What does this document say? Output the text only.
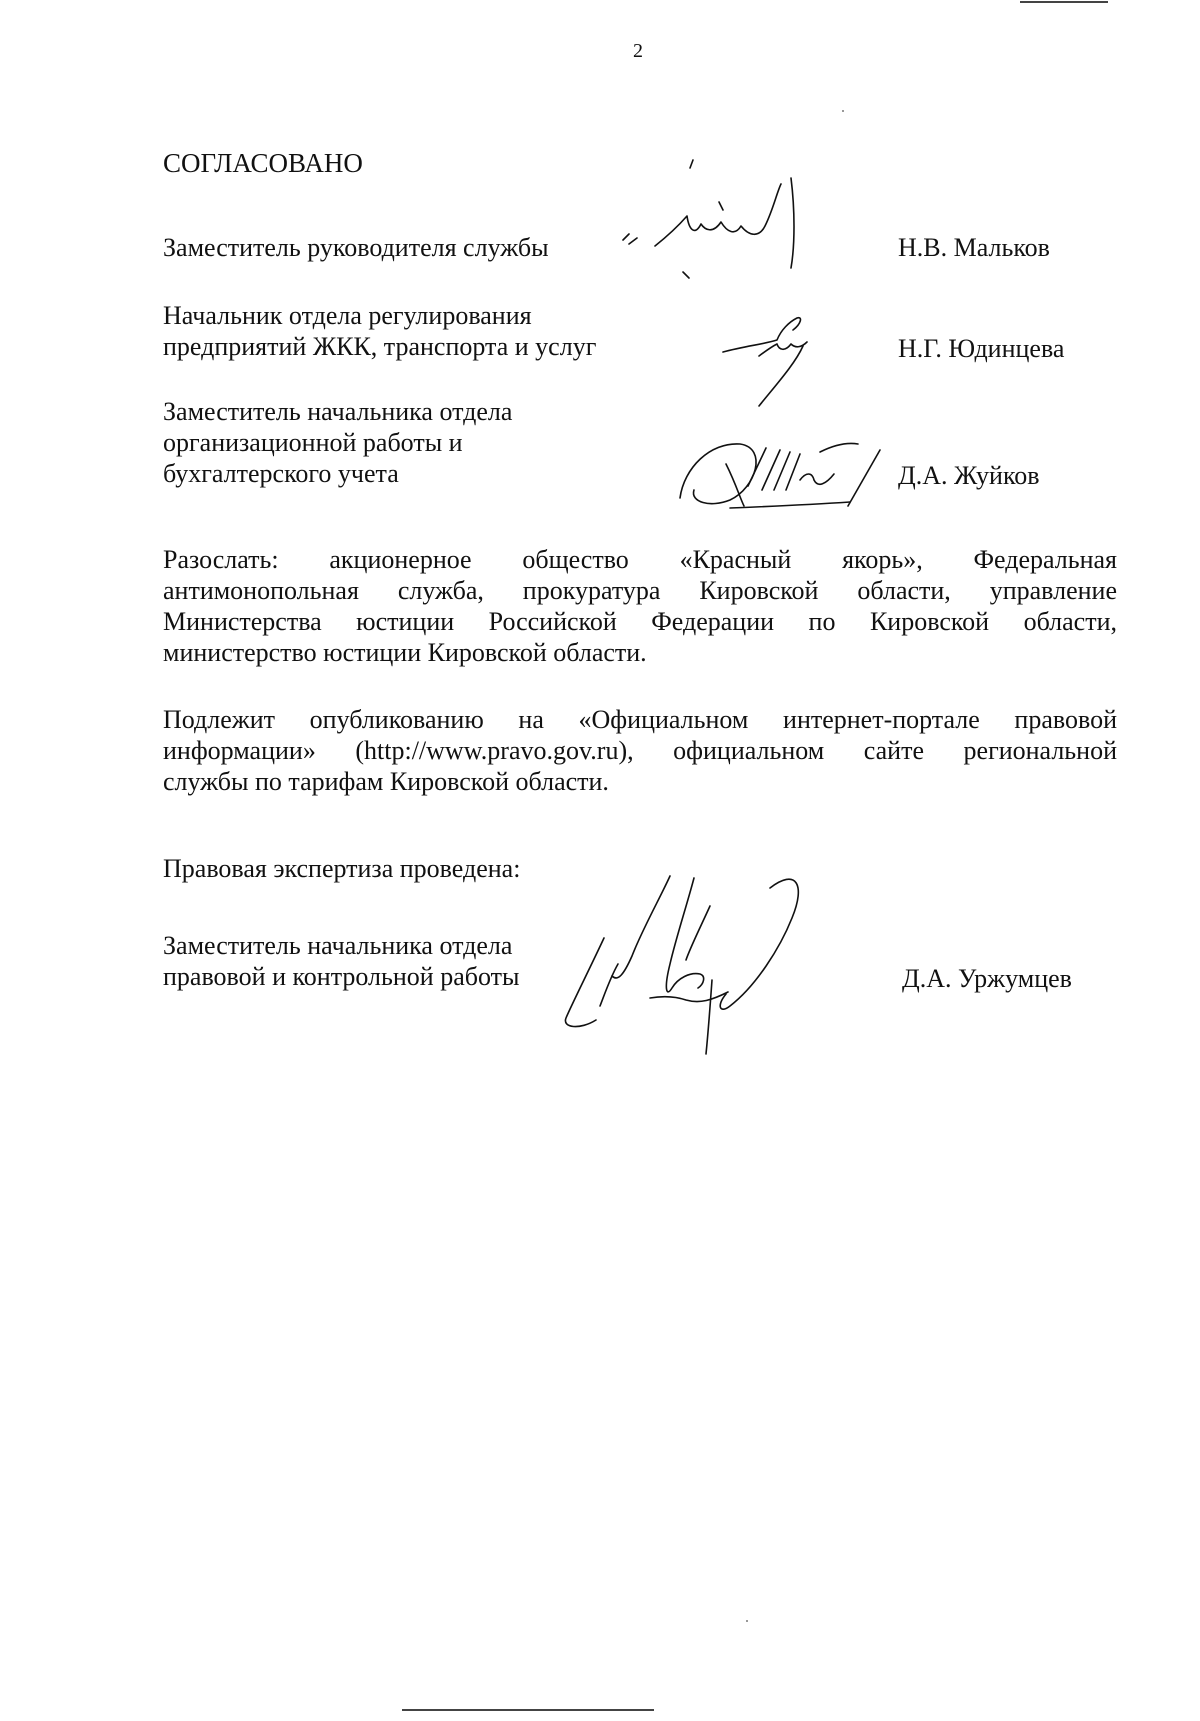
2
СОГЛАСОВАНО
Заместитель руководителя службы	Н.В. Мальков
Начальник отдела регулирования
предприятий ЖКК, транспорта и услуг	Н.Г. Юдинцева
Заместитель начальника отдела
организационной работы и
бухгалтерского учета	Д.А. Жуйков
Разослать: акционерное общество «Красный якорь», Федеральная
антимонопольная служба, прокуратура Кировской области, управление
Министерства юстиции Российской Федерации по Кировской области,
министерство юстиции Кировской области.
Подлежит опубликованию на «Официальном интернет-портале правовой
информации» (http://www.pravo.gov.ru), официальном сайте региональной
службы по тарифам Кировской области.
Правовая экспертиза проведена:
Заместитель начальника отдела
правовой и контрольной работы	Д.А. Уржумцев
